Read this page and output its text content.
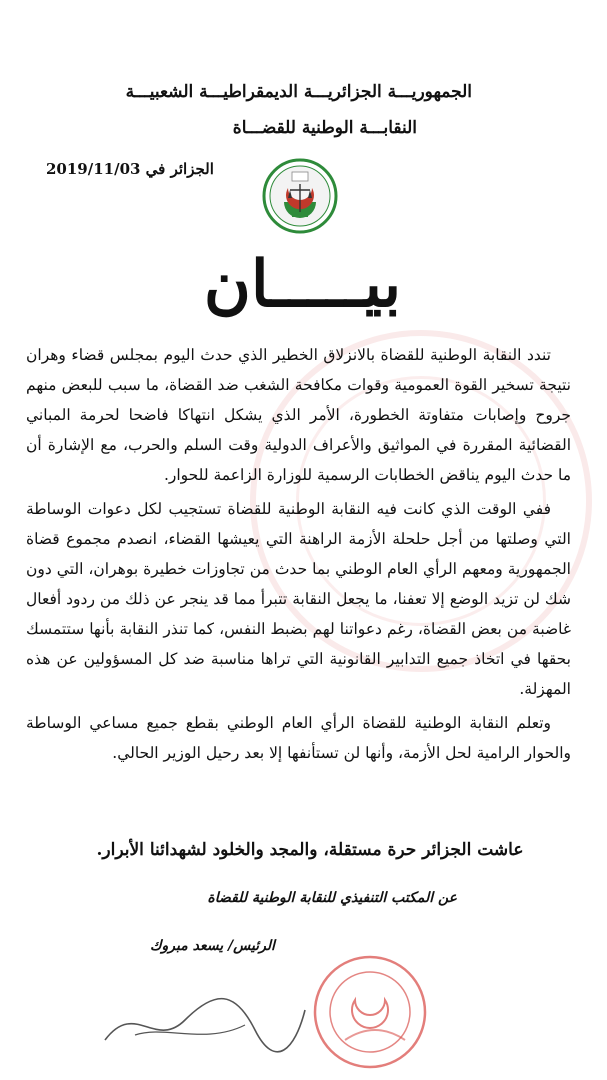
الجمهوريـــة الجزائريـــة الديمقراطيـــة الشعبيـــة
النقابـــة الوطنية للقضـــاة
الجزائر في 2019/11/03
بيـــــان

تندد النقابة الوطنية للقضاة بالانزلاق الخطير الذي حدث اليوم بمجلس قضاء وهران نتيجة تسخير القوة العمومية وقوات مكافحة الشغب ضد القضاة، ما سبب للبعض منهم جروح وإصابات متفاوتة الخطورة، الأمر الذي يشكل انتهاكا فاضحا لحرمة المباني القضائية المقررة في المواثيق والأعراف الدولية وقت السلم والحرب، مع الإشارة أن ما حدث اليوم يناقض الخطابات الرسمية للوزارة الزاعمة للحوار.

ففي الوقت الذي كانت فيه النقابة الوطنية للقضاة تستجيب لكل دعوات الوساطة التي وصلتها من أجل حلحلة الأزمة الراهنة التي يعيشها القضاء، انصدم مجموع قضاة الجمهورية ومعهم الرأي العام الوطني بما حدث من تجاوزات خطيرة بوهران، التي دون شك لن تزيد الوضع إلا تعفنا، ما يجعل النقابة تتبرأ مما قد ينجر عن ذلك من ردود أفعال غاضبة من بعض القضاة، رغم دعواتنا لهم بضبط النفس، كما تنذر النقابة بأنها ستتمسك بحقها في اتخاذ جميع التدابير القانونية التي تراها مناسبة ضد كل المسؤولين عن هذه المهزلة.

وتعلم النقابة الوطنية للقضاة الرأي العام الوطني بقطع جميع مساعي الوساطة والحوار الرامية لحل الأزمة، وأنها لن تستأنفها إلا بعد رحيل الوزير الحالي.

عاشت الجزائر حرة مستقلة، والمجد والخلود لشهدائنا الأبرار.
عن المكتب التنفيذي للنقابة الوطنية للقضاة
الرئيس/ يسعد مبروك
